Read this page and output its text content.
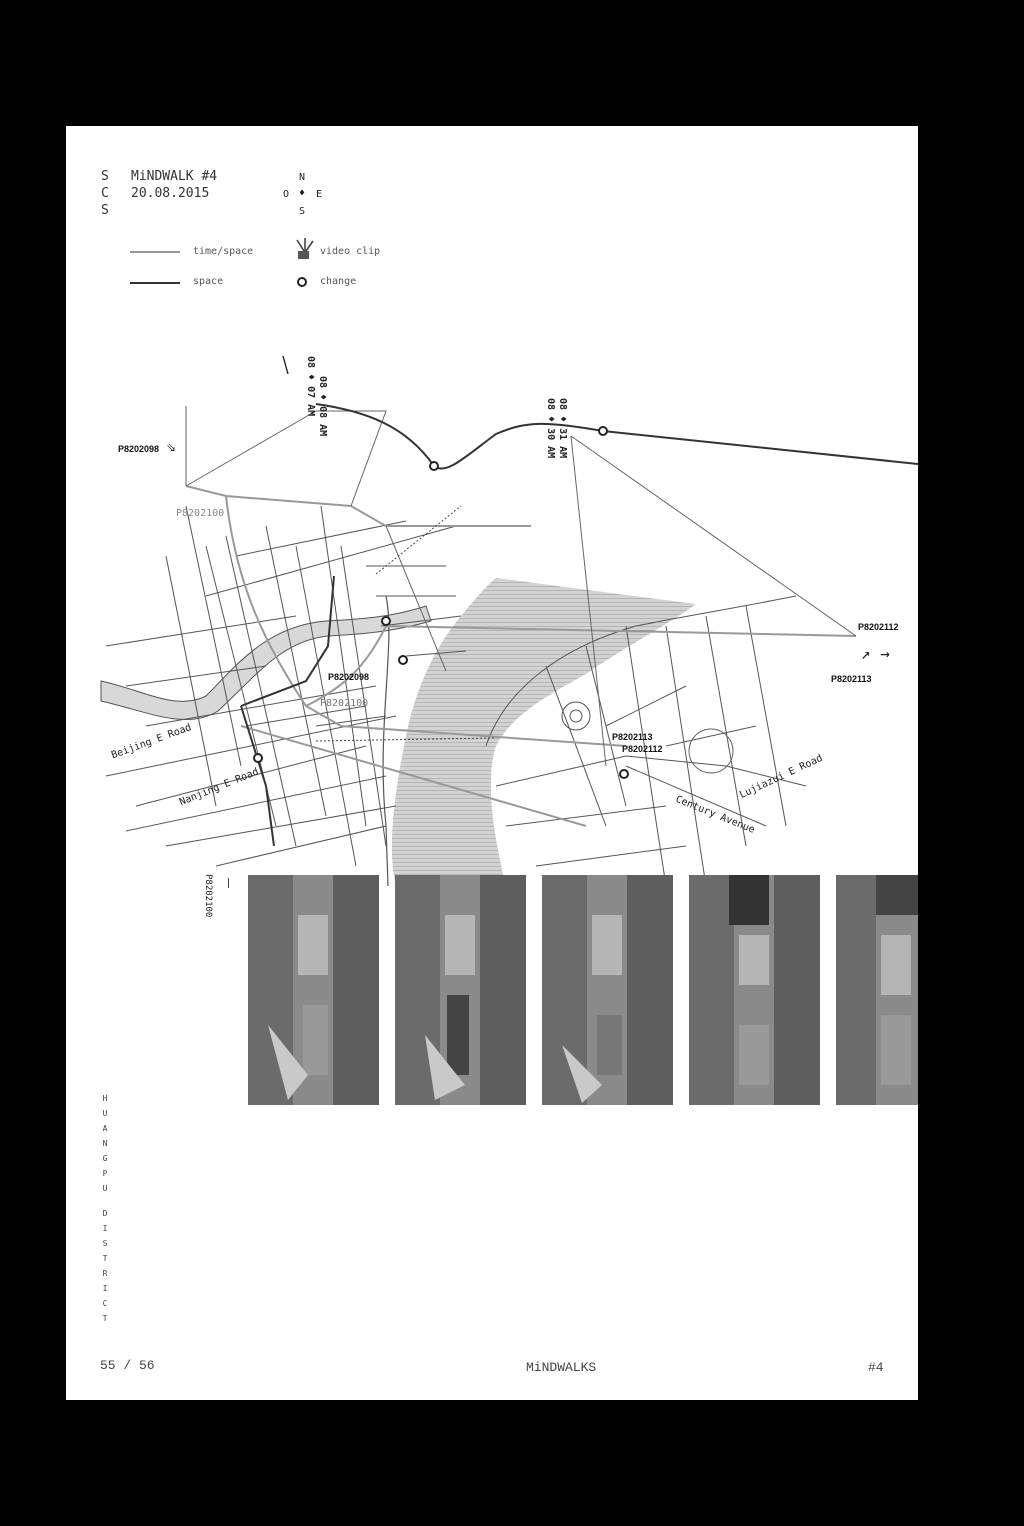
S
C
S
MiNDWALK #4
20.08.2015
N
O ♦ E
S
time/space
space
video clip
change
08 ♦ 07 AM 08 ♦ 08 AM	08 ♦ 30 AM 08 ♦ 31 AM
P8202098 ⇘
P8202100
P8202098
P8202100
P8202113
P8202112
P8202112
P8202113
↗ →
Beijing E Road
Nanjing E Road
Century Avenue
Lujiazui E Road
P8202100
H
U
A
N
G
P
U
D
I
S
T
R
I
C
T
55 / 56	MiNDWALKS	#4
